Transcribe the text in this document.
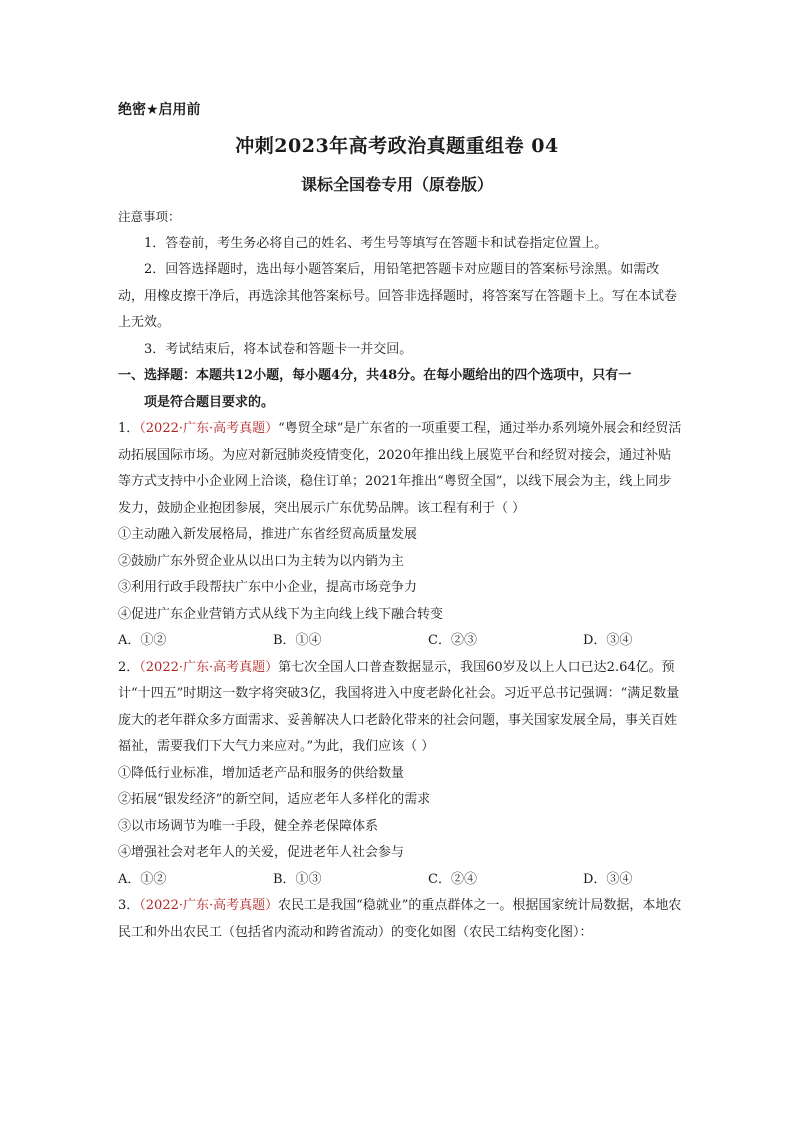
绝密★启用前
冲刺2023年高考政治真题重组卷 04
课标全国卷专用（原卷版）

注意事项：

1．答卷前，考生务必将自己的姓名、考生号等填写在答题卡和试卷指定位置上。

2．回答选择题时，选出每小题答案后，用铅笔把答题卡对应题目的答案标号涂黑。如需改动，用橡皮擦干净后，再选涂其他答案标号。回答非选择题时，将答案写在答题卡上。写在本试卷上无效。

3．考试结束后，将本试卷和答题卡一并交回。

一、选择题：本题共12小题，每小题4分，共48分。在每小题给出的四个选项中，只有一
项是符合题目要求的。

1．（2022·广东·高考真题）“粤贸全球”是广东省的一项重要工程，通过举办系列境外展会和经贸活动拓展国际市场。为应对新冠肺炎疫情变化，2020年推出线上展览平台和经贸对接会，通过补贴等方式支持中小企业网上洽谈，稳住订单；2021年推出“粤贸全国”，以线下展会为主，线上同步发力，鼓励企业抱团参展，突出展示广东优势品牌。该工程有利于（ ）

①主动融入新发展格局，推进广东省经贸高质量发展

②鼓励广东外贸企业从以出口为主转为以内销为主

③利用行政手段帮扶广东中小企业，提高市场竞争力

④促进广东企业营销方式从线下为主向线上线下融合转变

A．①②	B．①④	C．②③	D．③④

2．（2022·广东·高考真题）第七次全国人口普查数据显示，我国60岁及以上人口已达2.64亿。预计“十四五”时期这一数字将突破3亿，我国将进入中度老龄化社会。习近平总书记强调：“满足数量庞大的老年群众多方面需求、妥善解决人口老龄化带来的社会问题，事关国家发展全局，事关百姓福祉，需要我们下大气力来应对。”为此，我们应该（ ）

①降低行业标准，增加适老产品和服务的供给数量

②拓展“银发经济”的新空间，适应老年人多样化的需求

③以市场调节为唯一手段，健全养老保障体系

④增强社会对老年人的关爱，促进老年人社会参与

A．①②	B．①③	C．②④	D．③④

3．（2022·广东·高考真题）农民工是我国“稳就业”的重点群体之一。根据国家统计局数据，本地农民工和外出农民工（包括省内流动和跨省流动）的变化如图（农民工结构变化图）：
